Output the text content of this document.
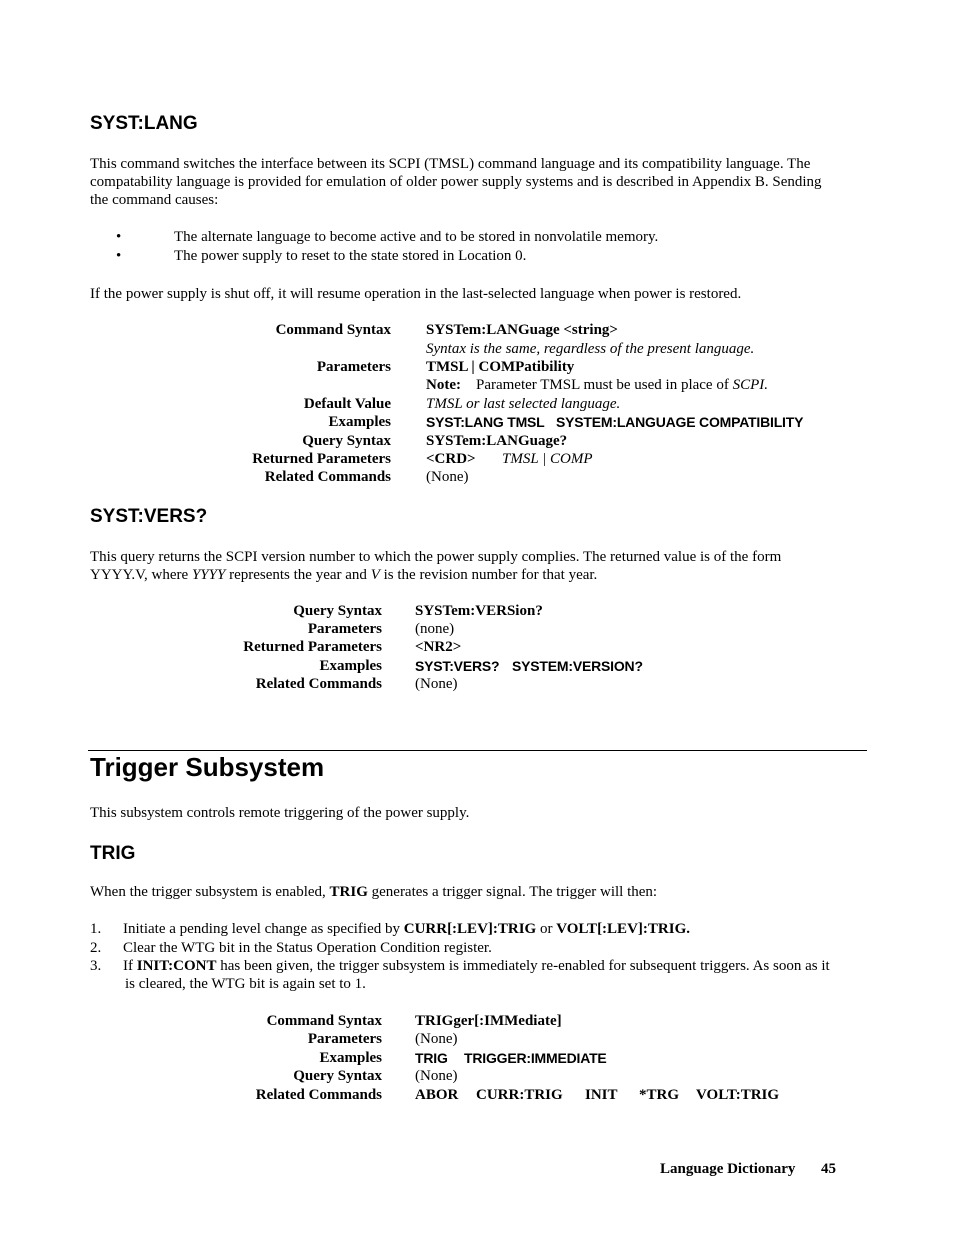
SYST:LANG
This command switches the interface between its SCPI (TMSL) command language and its compatibility language. The
compatability language is provided for emulation of older power supply systems and is described in Appendix B. Sending
the command causes:
•	The alternate language to become active and to be stored in nonvolatile memory.
•	The power supply to reset to the state stored in Location 0.
If the power supply is shut off, it will resume operation in the last-selected language when power is restored.
Command Syntax SYSTem:LANGuage <string>
Syntax is the same, regardless of the present language.
Parameters TMSL | COMPatibility
Note: Parameter TMSL must be used in place of SCPI.
Default Value TMSL or last selected language.
Examples	SYST:LANG TMSL SYSTEM:LANGUAGE COMPATIBILITY
Query Syntax SYSTem:LANGuage?
Returned Parameters <CRD> TMSL | COMP
Related Commands (None)
SYST:VERS?
This query returns the SCPI version number to which the power supply complies. The returned value is of the form
YYYY.V, where YYYY represents the year and V is the revision number for that year.
Query Syntax SYSTem:VERSion?
Parameters (none)
Returned Parameters <NR2>
Examples SYST:VERS? SYSTEM:VERSION?
Related Commands (None)
Trigger Subsystem
This subsystem controls remote triggering of the power supply.
TRIG
When the trigger subsystem is enabled, TRIG generates a trigger signal. The trigger will then:
1. Initiate a pending level change as specified by CURR[:LEV]:TRIG or VOLT[:LEV]:TRIG.
2. Clear the WTG bit in the Status Operation Condition register.
3. If INIT:CONT has been given, the trigger subsystem is immediately re-enabled for subsequent triggers. As soon as it
is cleared, the WTG bit is again set to 1.
Command Syntax TRIGger[:IMMediate]
Parameters (None)
Examples TRIG TRIGGER:IMMEDIATE
Query Syntax (None)
Related Commands ABOR CURR:TRIG INIT *TRG VOLT:TRIG
Language Dictionary 45
